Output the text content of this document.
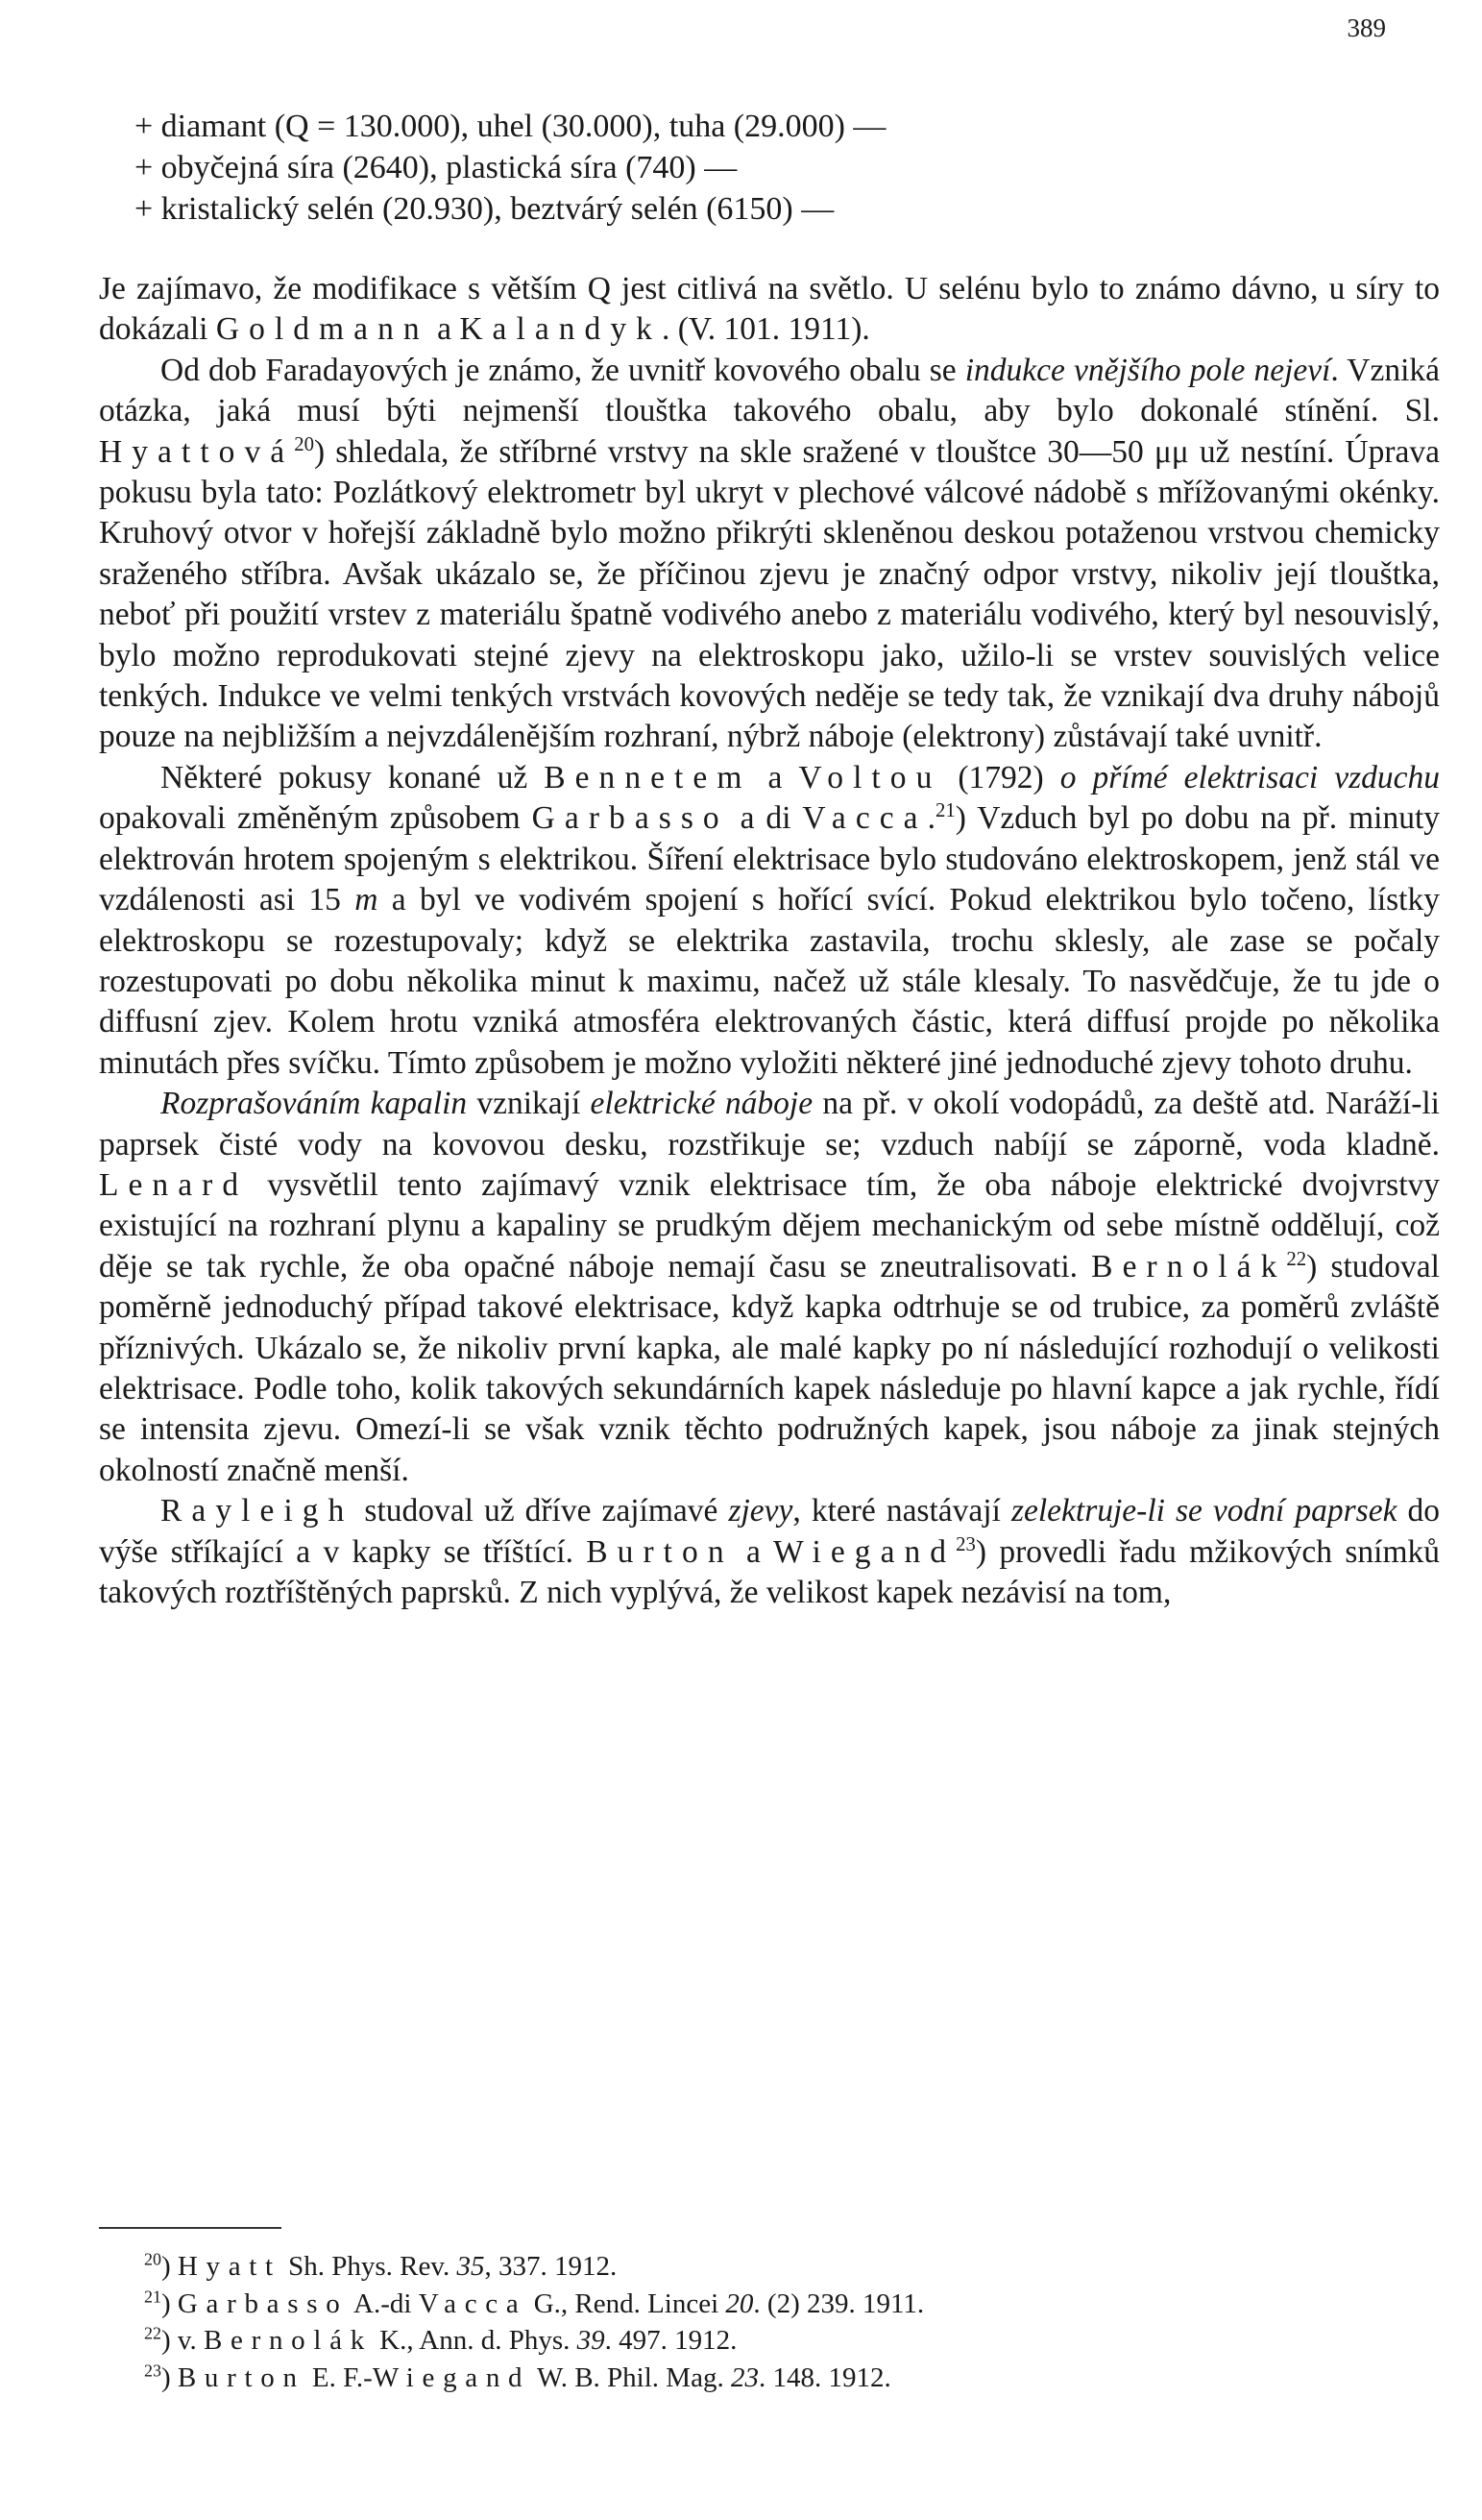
389
+ diamant (Q = 130.000), uhel (30.000), tuha (29.000) —
+ obyčejná síra (2640), plastická síra (740) —
+ kristalický selén (20.930), beztvárý selén (6150) —

Je zajímavo, že modifikace s větším Q jest citlivá na světlo. U selénu bylo to známo dávno, u síry to dokázali Goldmann a Kalandyk. (V. 101. 1911).

Od dob Faradayových je známo, že uvnitř kovového obalu se indukce vnějšího pole nejeví. Vzniká otázka, jaká musí býti nejmenší tlouštka takového obalu, aby bylo dokonalé stínění. Sl. Hyattová$^{20}$) shledala, že stříbrné vrstvy na skle sražené v tlouštce 30—50 μμ už nestíní. Úprava pokusu byla tato: Pozlátkový elektrometr byl ukryt v plechové válcové nádobě s mřížovanými okénky. Kruhový otvor v hořejší základně bylo možno přikrýti skleněnou deskou potaženou vrstvou chemicky sraženého stříbra. Avšak ukázalo se, že příčinou zjevu je značný odpor vrstvy, nikoliv její tlouštka, neboť při použití vrstev z materiálu špatně vodivého anebo z materiálu vodivého, který byl nesouvislý, bylo možno reprodukovati stejné zjevy na elektroskopu jako, užilo-li se vrstev souvislých velice tenkých. Indukce ve velmi tenkých vrstvách kovových neděje se tedy tak, že vznikají dva druhy nábojů pouze na nejbližším a nejvzdálenějším rozhraní, nýbrž náboje (elektrony) zůstávají také uvnitř.

Některé pokusy konané už Bennetem a Voltou (1792) o přímé elektrisaci vzduchu opakovali změněným způsobem Garbasso a di Vacca.$^{21}$) Vzduch byl po dobu na př. minuty elektrován hrotem spojeným s elektrikou. Šíření elektrisace bylo studováno elektroskopem, jenž stál ve vzdálenosti asi 15 m a byl ve vodivém spojení s hořící svící. Pokud elektrikou bylo točeno, lístky elektroskopu se rozestupovaly; když se elektrika zastavila, trochu sklesly, ale zase se počaly rozestupovati po dobu několika minut k maximu, načež už stále klesaly. To nasvědčuje, že tu jde o diffusní zjev. Kolem hrotu vzniká atmosféra elektrovaných částic, která diffusí projde po několika minutách přes svíčku. Tímto způsobem je možno vyložiti některé jiné jednoduché zjevy tohoto druhu.

Rozprašováním kapalin vznikají elektrické náboje na př. v okolí vodopádů, za deště atd. Naráží-li paprsek čisté vody na kovovou desku, rozstřikuje se; vzduch nabíjí se záporně, voda kladně. Lenard vysvětlil tento zajímavý vznik elektrisace tím, že oba náboje elektrické dvojvrstvy existující na rozhraní plynu a kapaliny se prudkým dějem mechanickým od sebe místně oddělují, což děje se tak rychle, že oba opačné náboje nemají času se zneutralisovati. Bernolák$^{22}$) studoval poměrně jednoduchý případ takové elektrisace, když kapka odtrhuje se od trubice, za poměrů zvláště příznivých. Ukázalo se, že nikoliv první kapka, ale malé kapky po ní následující rozhodují o velikosti elektrisace. Podle toho, kolik takových sekundárních kapek následuje po hlavní kapce a jak rychle, řídí se intensita zjevu. Omezí-li se však vznik těchto podružných kapek, jsou náboje za jinak stejných okolností značně menší.

Rayleigh studoval už dříve zajímavé zjevy, které nastávají zelektruje-li se vodní paprsek do výše stříkající a v kapky se tříštící. Burton a Wiegand$^{23}$) provedli řadu mžikových snímků takových roztříštěných paprsků. Z nich vyplývá, že velikost kapek nezávisí na tom,

$^{20}$) Hyatt Sh. Phys. Rev. 35, 337. 1912.
$^{21}$) Garbasso A.-di Vacca G., Rend. Lincei 20. (2) 239. 1911.
$^{22}$) v. Bernolák K., Ann. d. Phys. 39. 497. 1912.
$^{23}$) Burton E. F.-Wiegand W. B. Phil. Mag. 23. 148. 1912.
